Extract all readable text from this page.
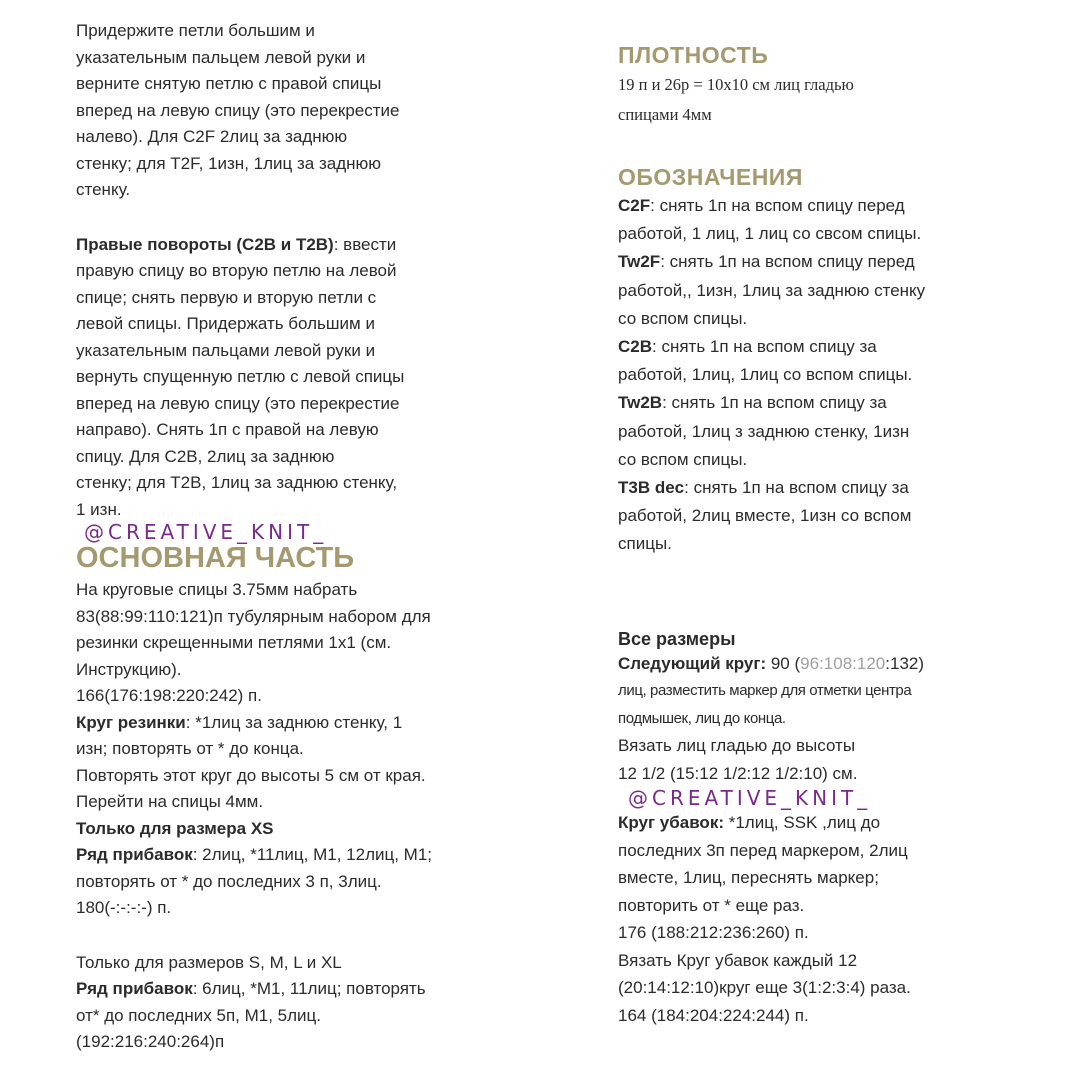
Придержите петли большим и
указательным пальцем левой руки и
верните снятую петлю с правой спицы
вперед на левую спицу (это перекрестие
налево). Для С2F 2лиц за заднюю
стенку; для T2F, 1изн, 1лиц за заднюю
стенку.

Правые повороты (C2B и T2B): ввести
правую спицу во вторую петлю на левой
спице; снять первую и вторую петли с
левой спицы. Придержать большим и
указательным пальцами левой руки и
вернуть спущенную петлю с левой спицы
вперед на левую спицу (это перекрестие
направо). Снять 1п с правой на левую
спицу. Для С2В, 2лиц за заднюю
стенку; для T2B, 1лиц за заднюю стенку,
1 изн.

@CREATIVE_KNIT_
ОСНОВНАЯ ЧАСТЬ

На круговые спицы 3.75мм набрать
83(88:99:110:121)п тубулярным набором для
резинки скрещенными петлями 1х1 (см.
Инструкцию).
166(176:198:220:242) п.
Круг резинки: *1лиц за заднюю стенку, 1
изн; повторять от * до конца.
Повторять этот круг до высоты 5 см от края.
Перейти на спицы 4мм.
Только для размера XS
Ряд прибавок: 2лиц, *11лиц, М1, 12лиц, М1;
повторять от * до последних 3 п, 3лиц.
180(-:-:-:-) п.

Только для размеров S, M, L и XL
Ряд прибавок: 6лиц, *М1, 11лиц; повторять
от* до последних 5п, М1, 5лиц.
(192:216:240:264)п

ПЛОТНОСТЬ
19 п и 26р = 10х10 см лиц гладью
спицами 4мм
ОБОЗНАЧЕНИЯ
C2F: снять 1п на вспом спицу перед
работой, 1 лиц, 1 лиц со свсом спицы.
Tw2F: снять 1п на вспом спицу перед
работой,, 1изн, 1лиц за заднюю стенку
со вспом спицы.
C2B: снять 1п на вспом спицу за
работой, 1лиц, 1лиц со вспом спицы.
Tw2B: снять 1п на вспом спицу за
работой, 1лиц з заднюю стенку, 1изн
со вспом спицы.
T3B dec: снять 1п на вспом спицу за
работой, 2лиц вместе, 1изн со вспом
спицы.
Все размеры
Следующий круг: 90 (96:108:120:132)
лиц, разместить маркер для отметки центра
подмышек, лиц до конца.
Вязать лиц гладью до высоты
12 1/2 (15:12 1/2:12 1/2:10) см.
@CREATIVE_KNIT_
Круг убавок: *1лиц, SSK ,лиц до
последних 3п перед маркером, 2лиц
вместе, 1лиц, переснять маркер;
повторить от * еще раз.
176 (188:212:236:260) п.
Вязать Круг убавок каждый 12
(20:14:12:10)круг еще 3(1:2:3:4) раза.
164 (184:204:224:244) п.
